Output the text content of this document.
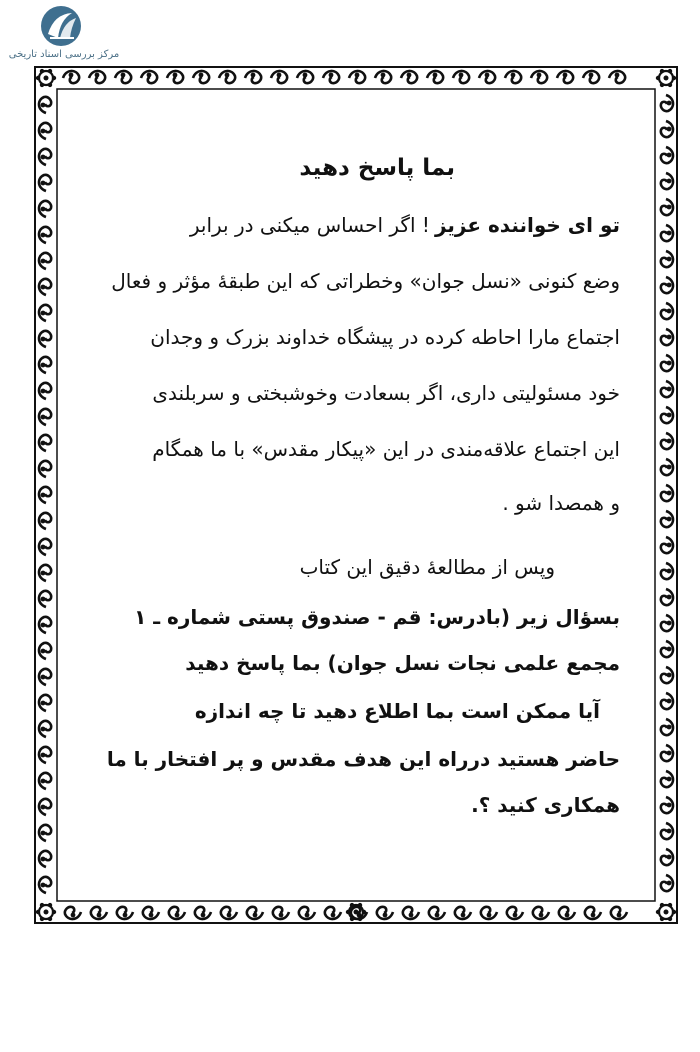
مرکز بررسی اسناد تاریخی
بما پاسخ دهید
تو ای خواننده عزیز ! اگر احساس میکنی در برابر
وضع کنونی «نسل جوان» وخطراتی که این طبقهٔ مؤثر و فعال
اجتماع مارا احاطه کرده در پیشگاه خداوند بزرک و وجدان
خود مسئولیتی داری، اگر بسعادت وخوشبختی و سربلندی
این اجتماع علاقه‌مندی در این «پیکار مقدس» با ما همگام
و همصدا شو .
وپس از مطالعهٔ دقیق این کتاب
بسؤال زیر (بادرس: قم - صندوق پستی شماره ـ ۱
مجمع علمی نجات نسل جوان) بما پاسخ دهید
آیا ممکن است بما اطلاع دهید تا چه اندازه
حاضر هستید درراه این هدف مقدس و پر افتخار با ما
همکاری کنید ؟.
